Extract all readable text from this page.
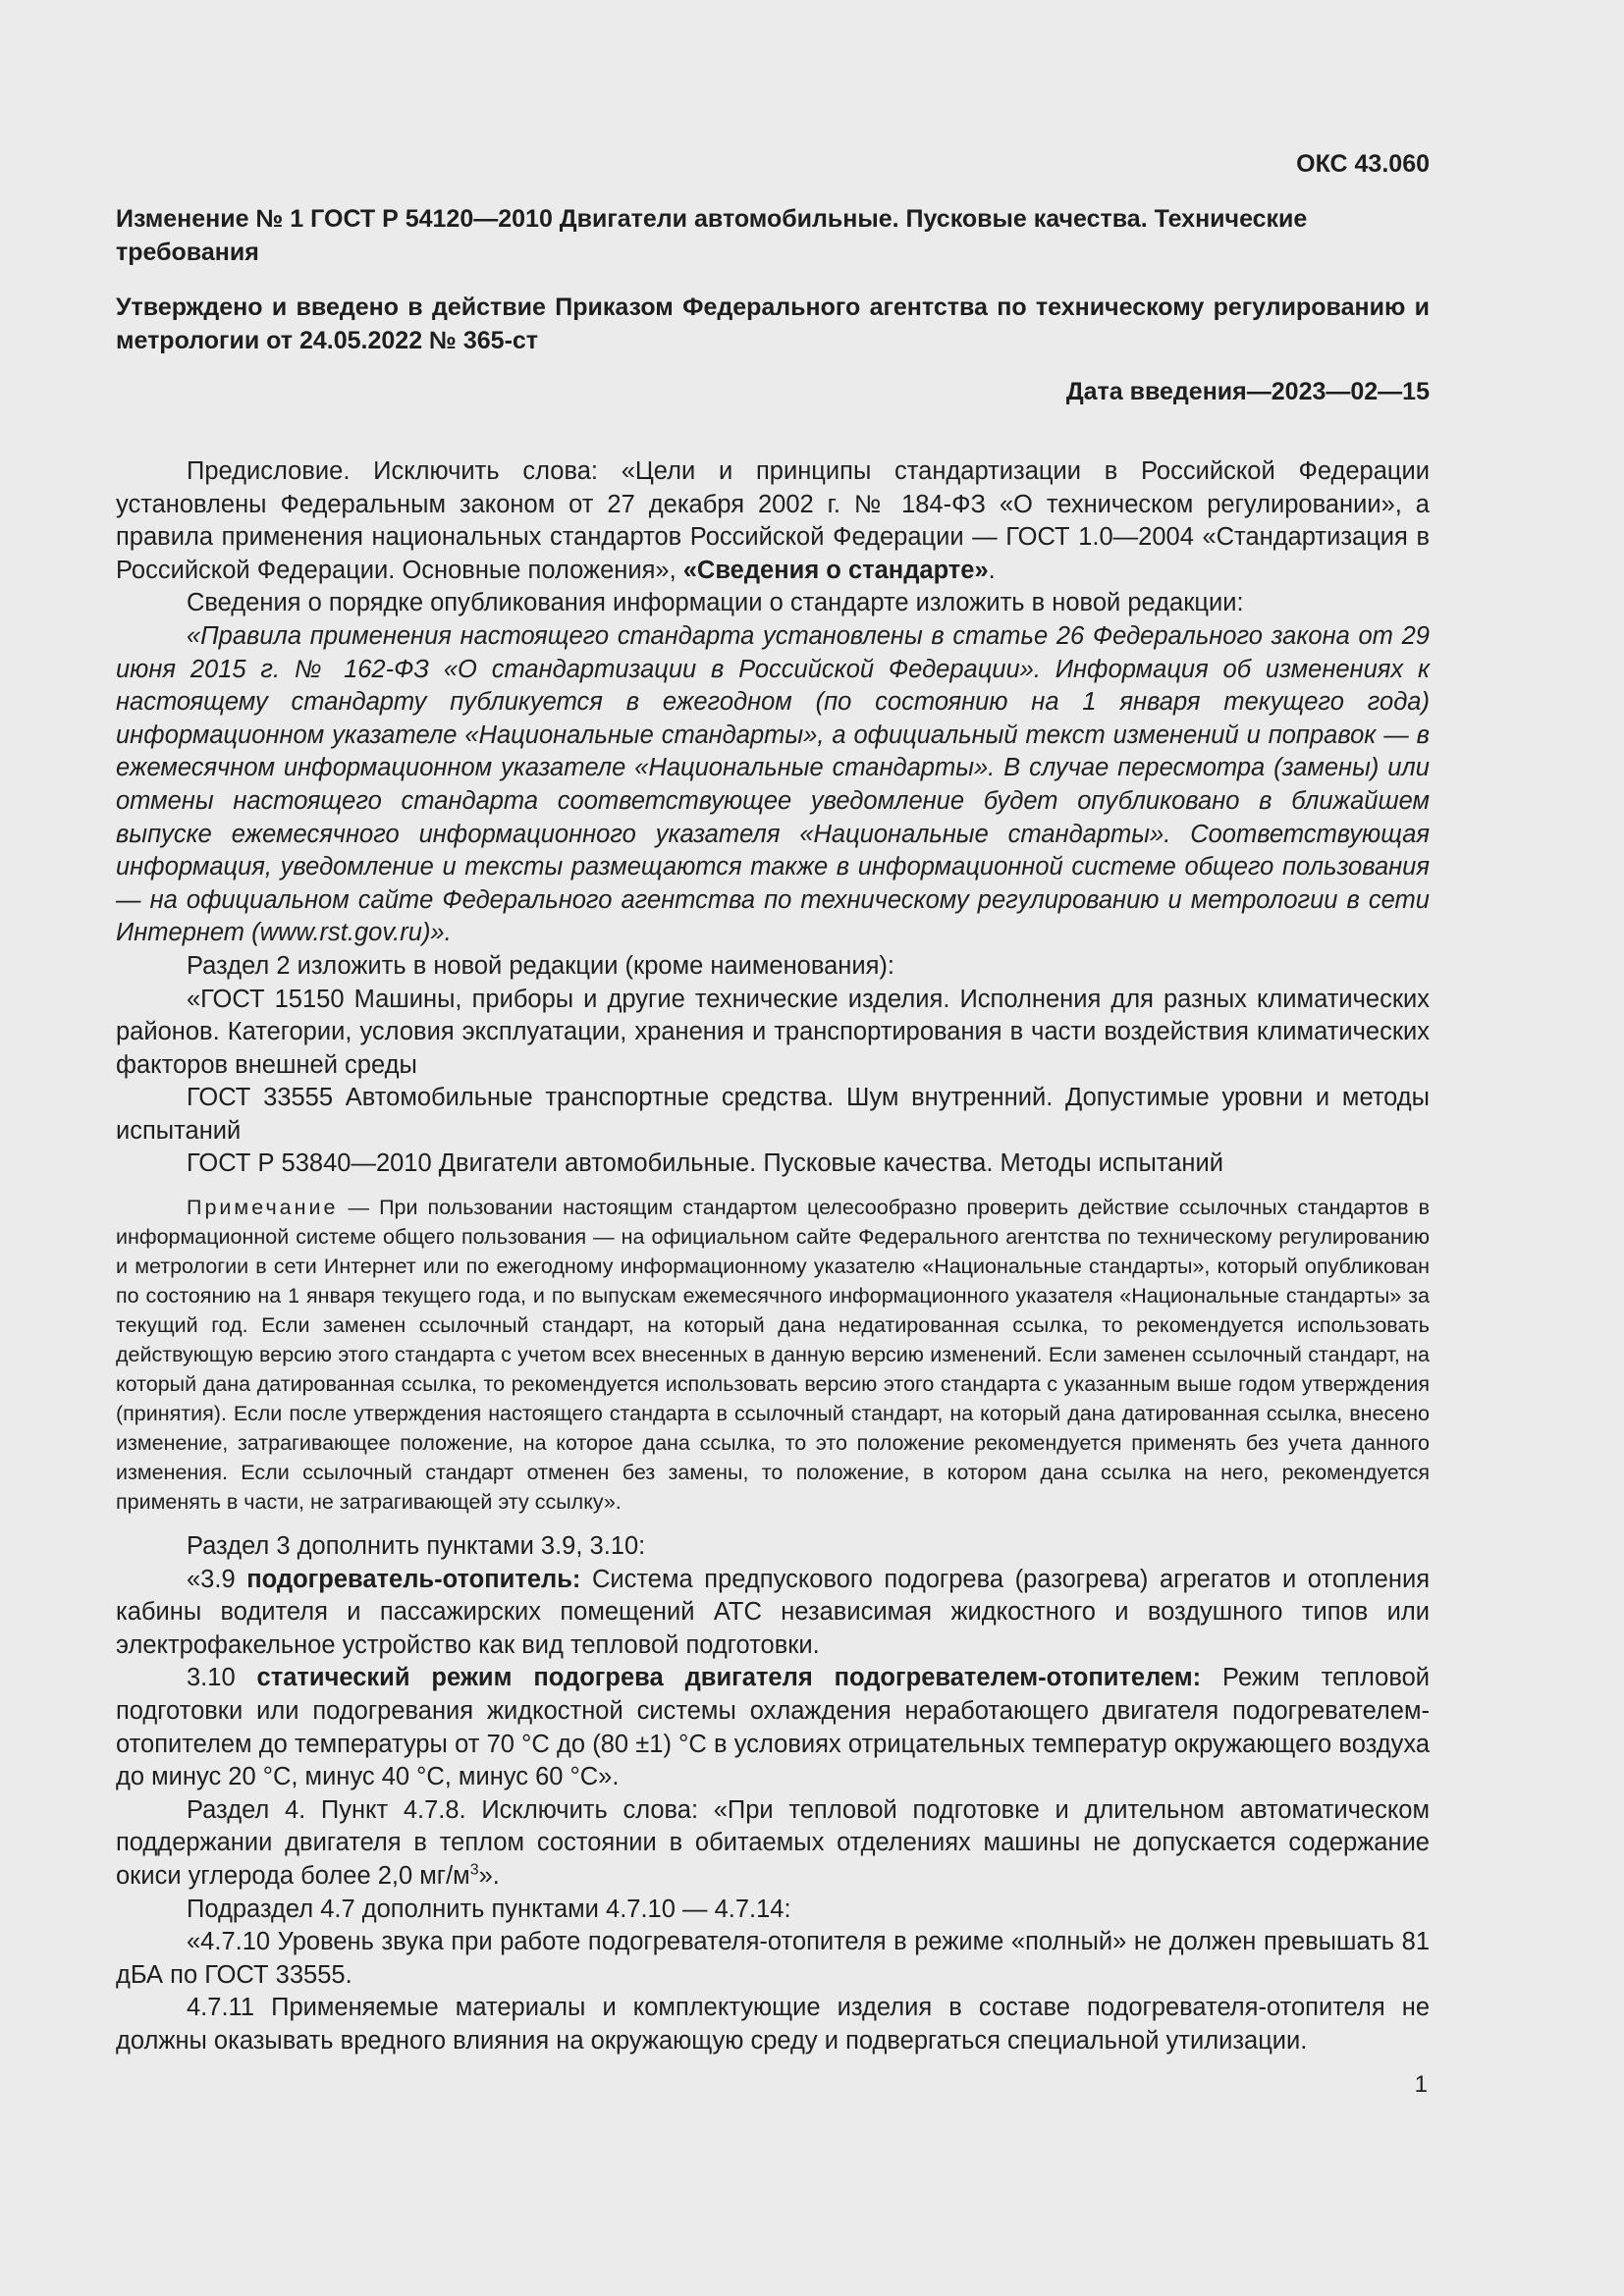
ОКС 43.060
Изменение № 1 ГОСТ Р 54120—2010 Двигатели автомобильные. Пусковые качества. Технические требования
Утверждено и введено в действие Приказом Федерального агентства по техническому регулированию и метрологии от 24.05.2022 № 365-ст
Дата введения—2023—02—15

Предисловие. Исключить слова: «Цели и принципы стандартизации в Российской Федерации установлены Федеральным законом от 27 декабря 2002 г. № 184-ФЗ «О техническом регулировании», а правила применения национальных стандартов Российской Федерации — ГОСТ 1.0—2004 «Стандартизация в Российской Федерации. Основные положения», «Сведения о стандарте».

Сведения о порядке опубликования информации о стандарте изложить в новой редакции:

«Правила применения настоящего стандарта установлены в статье 26 Федерального закона от 29 июня 2015 г. № 162-ФЗ «О стандартизации в Российской Федерации». Информация об изменениях к настоящему стандарту публикуется в ежегодном (по состоянию на 1 января текущего года) информационном указателе «Национальные стандарты», а официальный текст изменений и поправок — в ежемесячном информационном указателе «Национальные стандарты». В случае пересмотра (замены) или отмены настоящего стандарта соответствующее уведомление будет опубликовано в ближайшем выпуске ежемесячного информационного указателя «Национальные стандарты». Соответствующая информация, уведомление и тексты размещаются также в информационной системе общего пользования — на официальном сайте Федерального агентства по техническому регулированию и метрологии в сети Интернет (www.rst.gov.ru)».

Раздел 2 изложить в новой редакции (кроме наименования):

«ГОСТ 15150 Машины, приборы и другие технические изделия. Исполнения для разных климатических районов. Категории, условия эксплуатации, хранения и транспортирования в части воздействия климатических факторов внешней среды

ГОСТ 33555 Автомобильные транспортные средства. Шум внутренний. Допустимые уровни и методы испытаний

ГОСТ Р 53840—2010 Двигатели автомобильные. Пусковые качества. Методы испытаний

Примечание — При пользовании настоящим стандартом целесообразно проверить действие ссылочных стандартов в информационной системе общего пользования — на официальном сайте Федерального агентства по техническому регулированию и метрологии в сети Интернет или по ежегодному информационному указателю «Национальные стандарты», который опубликован по состоянию на 1 января текущего года, и по выпускам ежемесячного информационного указателя «Национальные стандарты» за текущий год. Если заменен ссылочный стандарт, на который дана недатированная ссылка, то рекомендуется использовать действующую версию этого стандарта с учетом всех внесенных в данную версию изменений. Если заменен ссылочный стандарт, на который дана датированная ссылка, то рекомендуется использовать версию этого стандарта с указанным выше годом утверждения (принятия). Если после утверждения настоящего стандарта в ссылочный стандарт, на который дана датированная ссылка, внесено изменение, затрагивающее положение, на которое дана ссылка, то это положение рекомендуется применять без учета данного изменения. Если ссылочный стандарт отменен без замены, то положение, в котором дана ссылка на него, рекомендуется применять в части, не затрагивающей эту ссылку».

Раздел 3 дополнить пунктами 3.9, 3.10:

«3.9 подогреватель-отопитель: Система предпускового подогрева (разогрева) агрегатов и отопления кабины водителя и пассажирских помещений АТС независимая жидкостного и воздушного типов или электрофакельное устройство как вид тепловой подготовки.

3.10 статический режим подогрева двигателя подогревателем-отопителем: Режим тепловой подготовки или подогревания жидкостной системы охлаждения неработающего двигателя подогревателем-отопителем до температуры от 70 °С до (80 ±1) °С в условиях отрицательных температур окружающего воздуха до минус 20 °С, минус 40 °С, минус 60 °С».

Раздел 4. Пункт 4.7.8. Исключить слова: «При тепловой подготовке и длительном автоматическом поддержании двигателя в теплом состоянии в обитаемых отделениях машины не допускается содержание окиси углерода более 2,0 $мг/м^3$».

Подраздел 4.7 дополнить пунктами 4.7.10 — 4.7.14:

«4.7.10 Уровень звука при работе подогревателя-отопителя в режиме «полный» не должен превышать 81 дБА по ГОСТ 33555.

4.7.11 Применяемые материалы и комплектующие изделия в составе подогревателя-отопителя не должны оказывать вредного влияния на окружающую среду и подвергаться специальной утилизации.

1
